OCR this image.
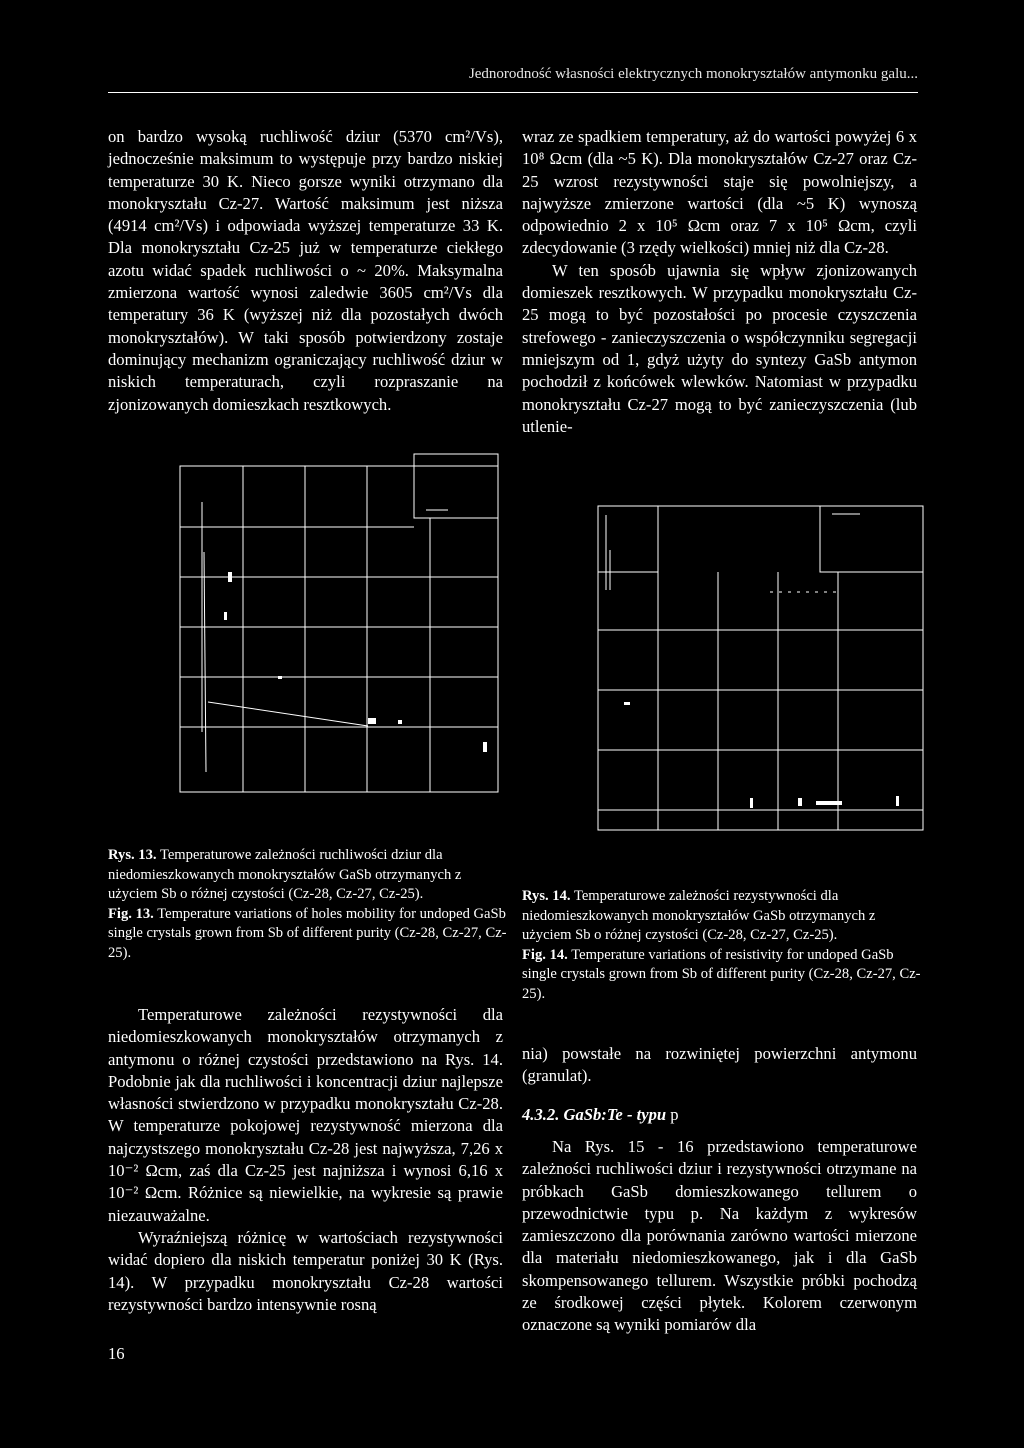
Jednorodność własności elektrycznych monokryształów antymonku galu...

on bardzo wysoką ruchliwość dziur (5370 cm²/Vs), jednocześnie maksimum to występuje przy bardzo niskiej temperaturze 30 K. Nieco gorsze wyniki otrzymano dla monokryształu Cz-27. Wartość maksimum jest niższa (4914 cm²/Vs) i odpowiada wyższej temperaturze 33 K. Dla monokryształu Cz-25 już w temperaturze ciekłego azotu widać spadek ruchliwości o ~ 20%. Maksymalna zmierzona wartość wynosi zaledwie 3605 cm²/Vs dla temperatury 36 K (wyższej niż dla pozostałych dwóch monokryształów). W taki sposób potwierdzony zostaje dominujący mechanizm ograniczający ruchliwość dziur w niskich temperaturach, czyli rozpraszanie na zjonizowanych domieszkach resztkowych.

wraz ze spadkiem temperatury, aż do wartości powyżej 6 x 10⁸ Ωcm (dla ~5 K). Dla monokryształów Cz-27 oraz Cz-25 wzrost rezystywności staje się powolniejszy, a najwyższe zmierzone wartości (dla ~5 K) wynoszą odpowiednio 2 x 10⁵ Ωcm oraz 7 x 10⁵ Ωcm, czyli zdecydowanie (3 rzędy wielkości) mniej niż dla Cz-28.

W ten sposób ujawnia się wpływ zjonizowanych domieszek resztkowych. W przypadku monokryształu Cz-25 mogą to być pozostałości po procesie czyszczenia strefowego - zanieczyszczenia o współczynniku segregacji mniejszym od 1, gdyż użyty do syntezy GaSb antymon pochodził z końcówek wlewków. Natomiast w przypadku monokryształu Cz-27 mogą to być zanieczyszczenia (lub utlenie-

Rys. 13. Temperaturowe zależności ruchliwości dziur dla niedomieszkowanych monokryształów GaSb otrzymanych z użyciem Sb o różnej czystości (Cz-28, Cz-27, Cz-25).
Fig. 13. Temperature variations of holes mobility for undoped GaSb single crystals grown from Sb of different purity (Cz-28, Cz-27, Cz-25).
Rys. 14. Temperaturowe zależności rezystywności dla niedomieszkowanych monokryształów GaSb otrzymanych z użyciem Sb o różnej czystości (Cz-28, Cz-27, Cz-25).
Fig. 14. Temperature variations of resistivity for undoped GaSb single crystals grown from Sb of different purity (Cz-28, Cz-27, Cz-25).

Temperaturowe zależności rezystywności dla niedomieszkowanych monokryształów otrzymanych z antymonu o różnej czystości przedstawiono na Rys. 14. Podobnie jak dla ruchliwości i koncentracji dziur najlepsze własności stwierdzono w przypadku monokryształu Cz-28. W temperaturze pokojowej rezystywność mierzona dla najczystszego monokryształu Cz-28 jest najwyższa, 7,26 x 10⁻² Ωcm, zaś dla Cz-25 jest najniższa i wynosi 6,16 x 10⁻² Ωcm. Różnice są niewielkie, na wykresie są prawie niezauważalne.

Wyraźniejszą różnicę w wartościach rezystywności widać dopiero dla niskich temperatur poniżej 30 K (Rys. 14). W przypadku monokryształu Cz-28 wartości rezystywności bardzo intensywnie rosną

nia) powstałe na rozwiniętej powierzchni antymonu (granulat).

4.3.2. GaSb:Te - typu p

Na Rys. 15 - 16 przedstawiono temperaturowe zależności ruchliwości dziur i rezystywności otrzymane na próbkach GaSb domieszkowanego tellurem o przewodnictwie typu p. Na każdym z wykresów zamieszczono dla porównania zarówno wartości mierzone dla materiału niedomieszkowanego, jak i dla GaSb skompensowanego tellurem. Wszystkie próbki pochodzą ze środkowej części płytek. Kolorem czerwonym oznaczone są wyniki pomiarów dla

16
